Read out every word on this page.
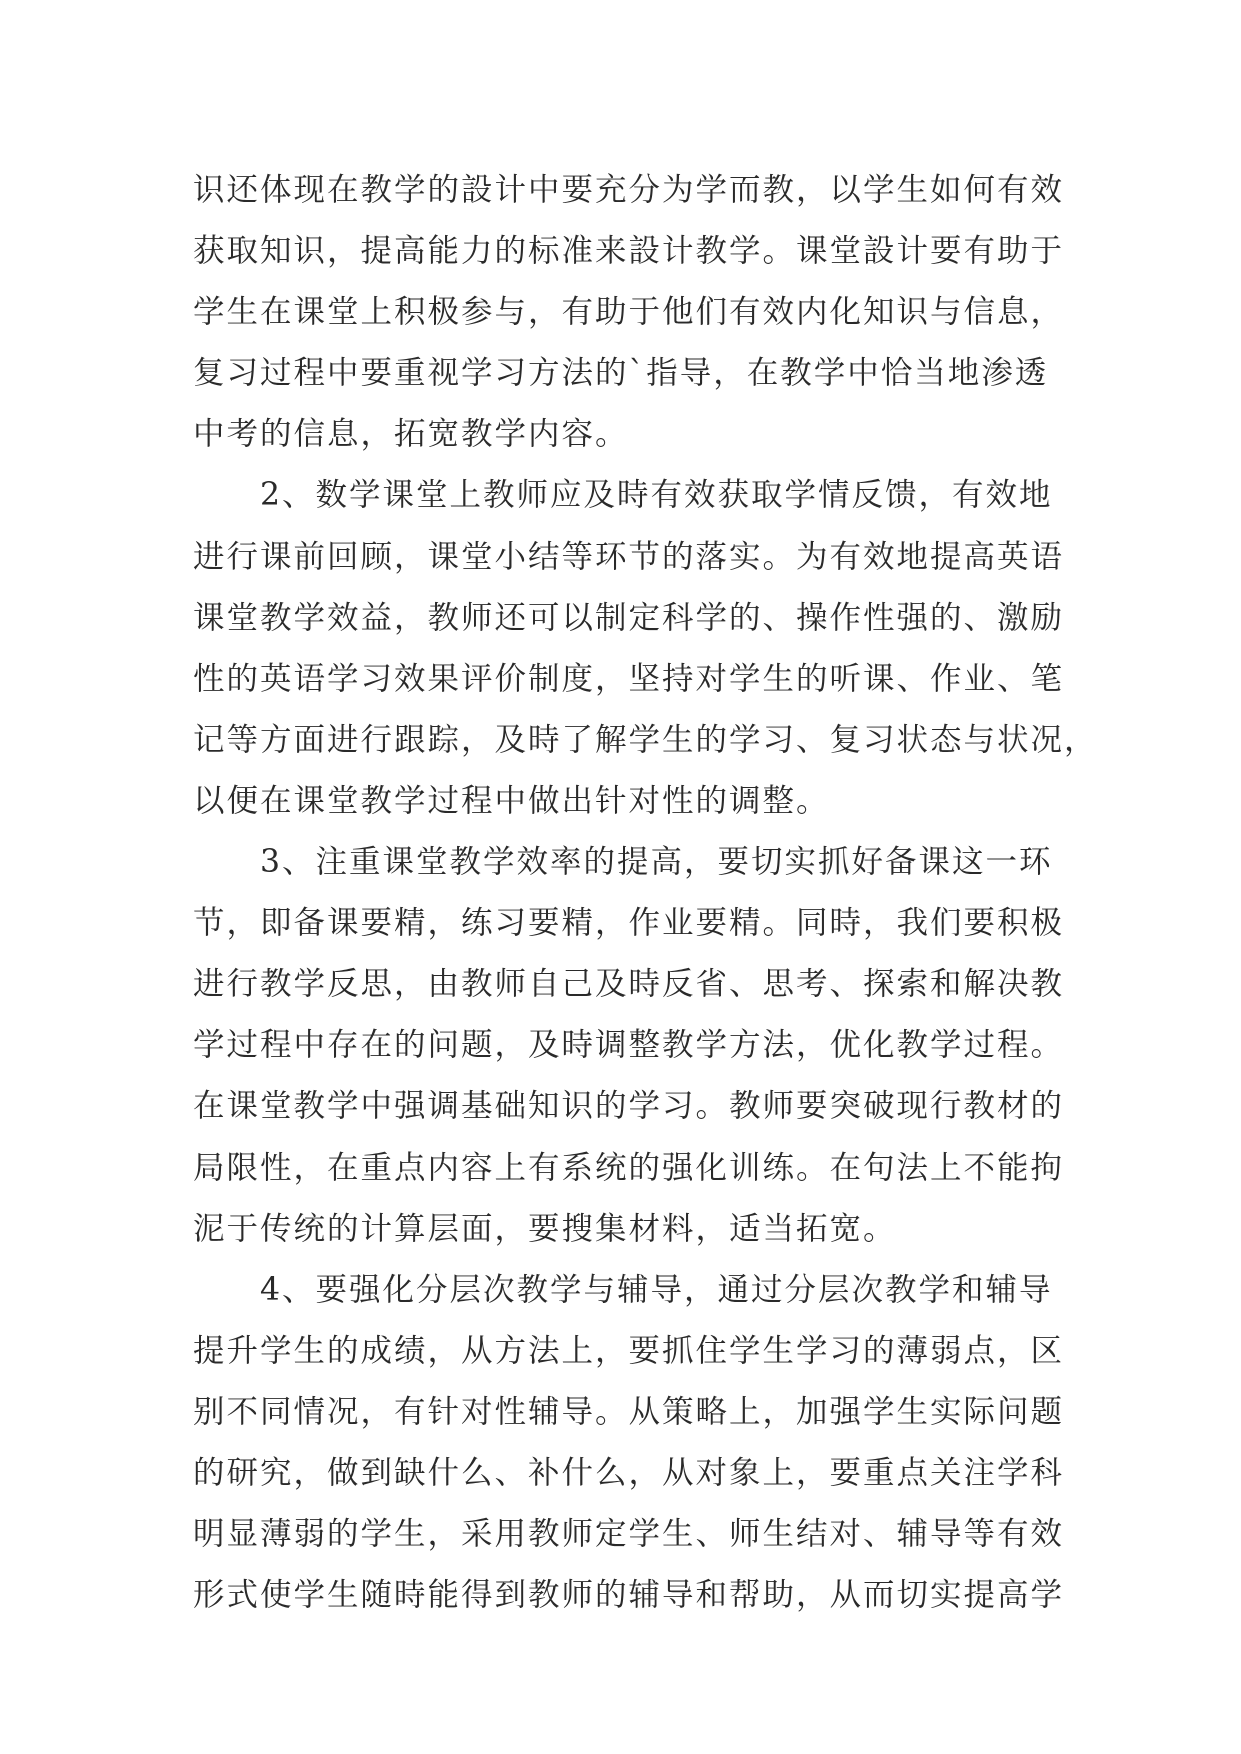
识还体现在教学的設计中要充分为学而教，以学生如何有效
获取知识，提高能力的标准来設计教学。课堂設计要有助于
学生在课堂上积极参与，有助于他们有效内化知识与信息，
复习过程中要重视学习方法的`指导，在教学中恰当地渗透
中考的信息，拓宽教学内容。
　　2、数学课堂上教师应及時有效获取学情反馈，有效地
进行课前回顾，课堂小结等环节的落实。为有效地提高英语
课堂教学效益，教师还可以制定科学的、操作性强的、激励
性的英语学习效果评价制度，坚持对学生的听课、作业、笔
记等方面进行跟踪，及時了解学生的学习、复习状态与状况，
以便在课堂教学过程中做出针对性的调整。
　　3、注重课堂教学效率的提高，要切实抓好备课这一环
节，即备课要精，练习要精，作业要精。同時，我们要积极
进行教学反思，由教师自己及時反省、思考、探索和解决教
学过程中存在的问题，及時调整教学方法，优化教学过程。
在课堂教学中强调基础知识的学习。教师要突破现行教材的
局限性，在重点内容上有系统的强化训练。在句法上不能拘
泥于传统的计算层面，要搜集材料，适当拓宽。
　　4、要强化分层次教学与辅导，通过分层次教学和辅导
提升学生的成绩，从方法上，要抓住学生学习的薄弱点，区
别不同情况，有针对性辅导。从策略上，加强学生实际问题
的研究，做到缺什么、补什么，从对象上，要重点关注学科
明显薄弱的学生，采用教师定学生、师生结对、辅导等有效
形式使学生随時能得到教师的辅导和帮助，从而切实提高学
